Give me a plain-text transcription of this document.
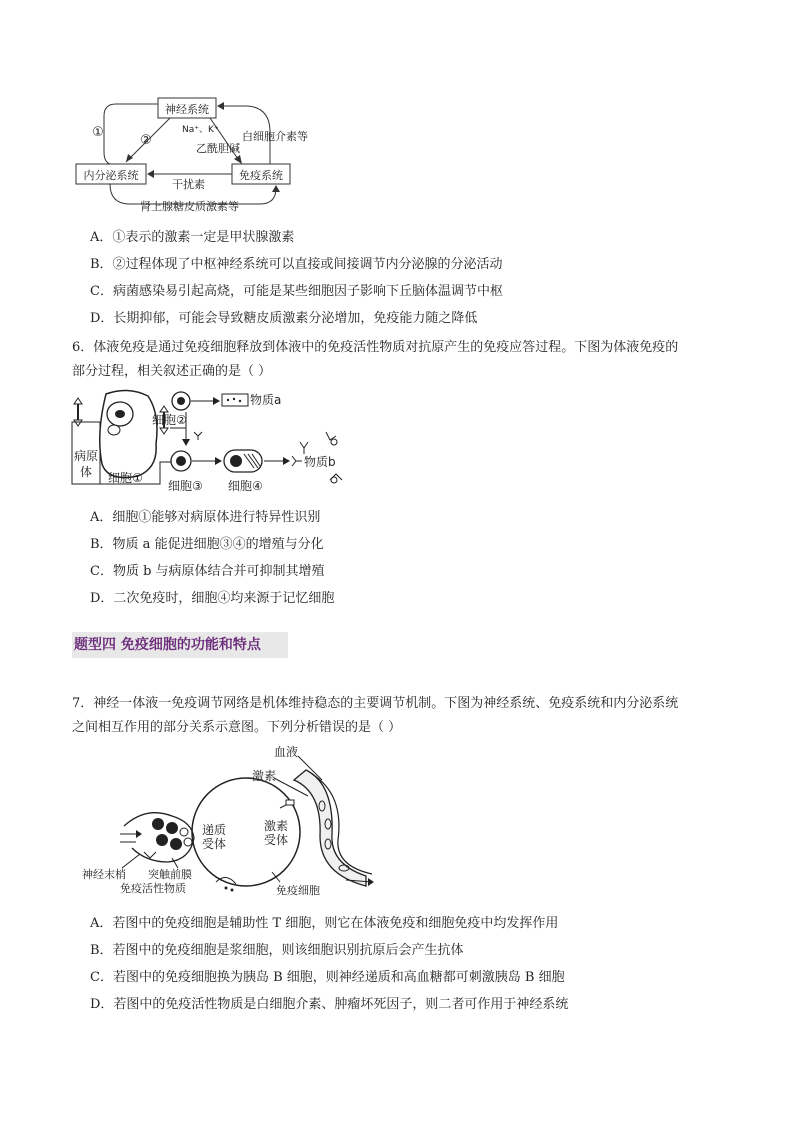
神经系统
内分泌系统	免疫系统
①
②
Na⁺、K⁺
乙酰胆碱
白细胞介素等
干扰素
肾上腺糖皮质激素等
A．①表示的激素一定是甲状腺激素
B．②过程体现了中枢神经系统可以直接或间接调节内分泌腺的分泌活动
C．病菌感染易引起高烧，可能是某些细胞因子影响下丘脑体温调节中枢
D．长期抑郁，可能会导致糖皮质激素分泌增加，免疫能力随之降低
6．体液免疫是通过免疫细胞释放到体液中的免疫活性物质对抗原产生的免疫应答过程。下图为体液免疫的
部分过程，相关叙述正确的是（ ）
物质a
细胞②
病原
体 细胞①
细胞③ 细胞④
物质b
A．细胞①能够对病原体进行特异性识别
B．物质 a 能促进细胞③④的增殖与分化
C．物质 b 与病原体结合并可抑制其增殖
D．二次免疫时，细胞④均来源于记忆细胞
题型四 免疫细胞的功能和特点
7．神经一体液一免疫调节网络是机体维持稳态的主要调节机制。下图为神经系统、免疫系统和内分泌系统
之间相互作用的部分关系示意图。下列分析错误的是（ ）
血液
激素
递质
受体
激素
受体
神经末梢 突触前膜
免疫活性物质	免疫细胞
A．若图中的免疫细胞是辅助性 T 细胞，则它在体液免疫和细胞免疫中均发挥作用
B．若图中的免疫细胞是浆细胞，则该细胞识别抗原后会产生抗体
C．若图中的免疫细胞换为胰岛 B 细胞，则神经递质和高血糖都可刺激胰岛 B 细胞
D．若图中的免疫活性物质是白细胞介素、肿瘤坏死因子，则二者可作用于神经系统
